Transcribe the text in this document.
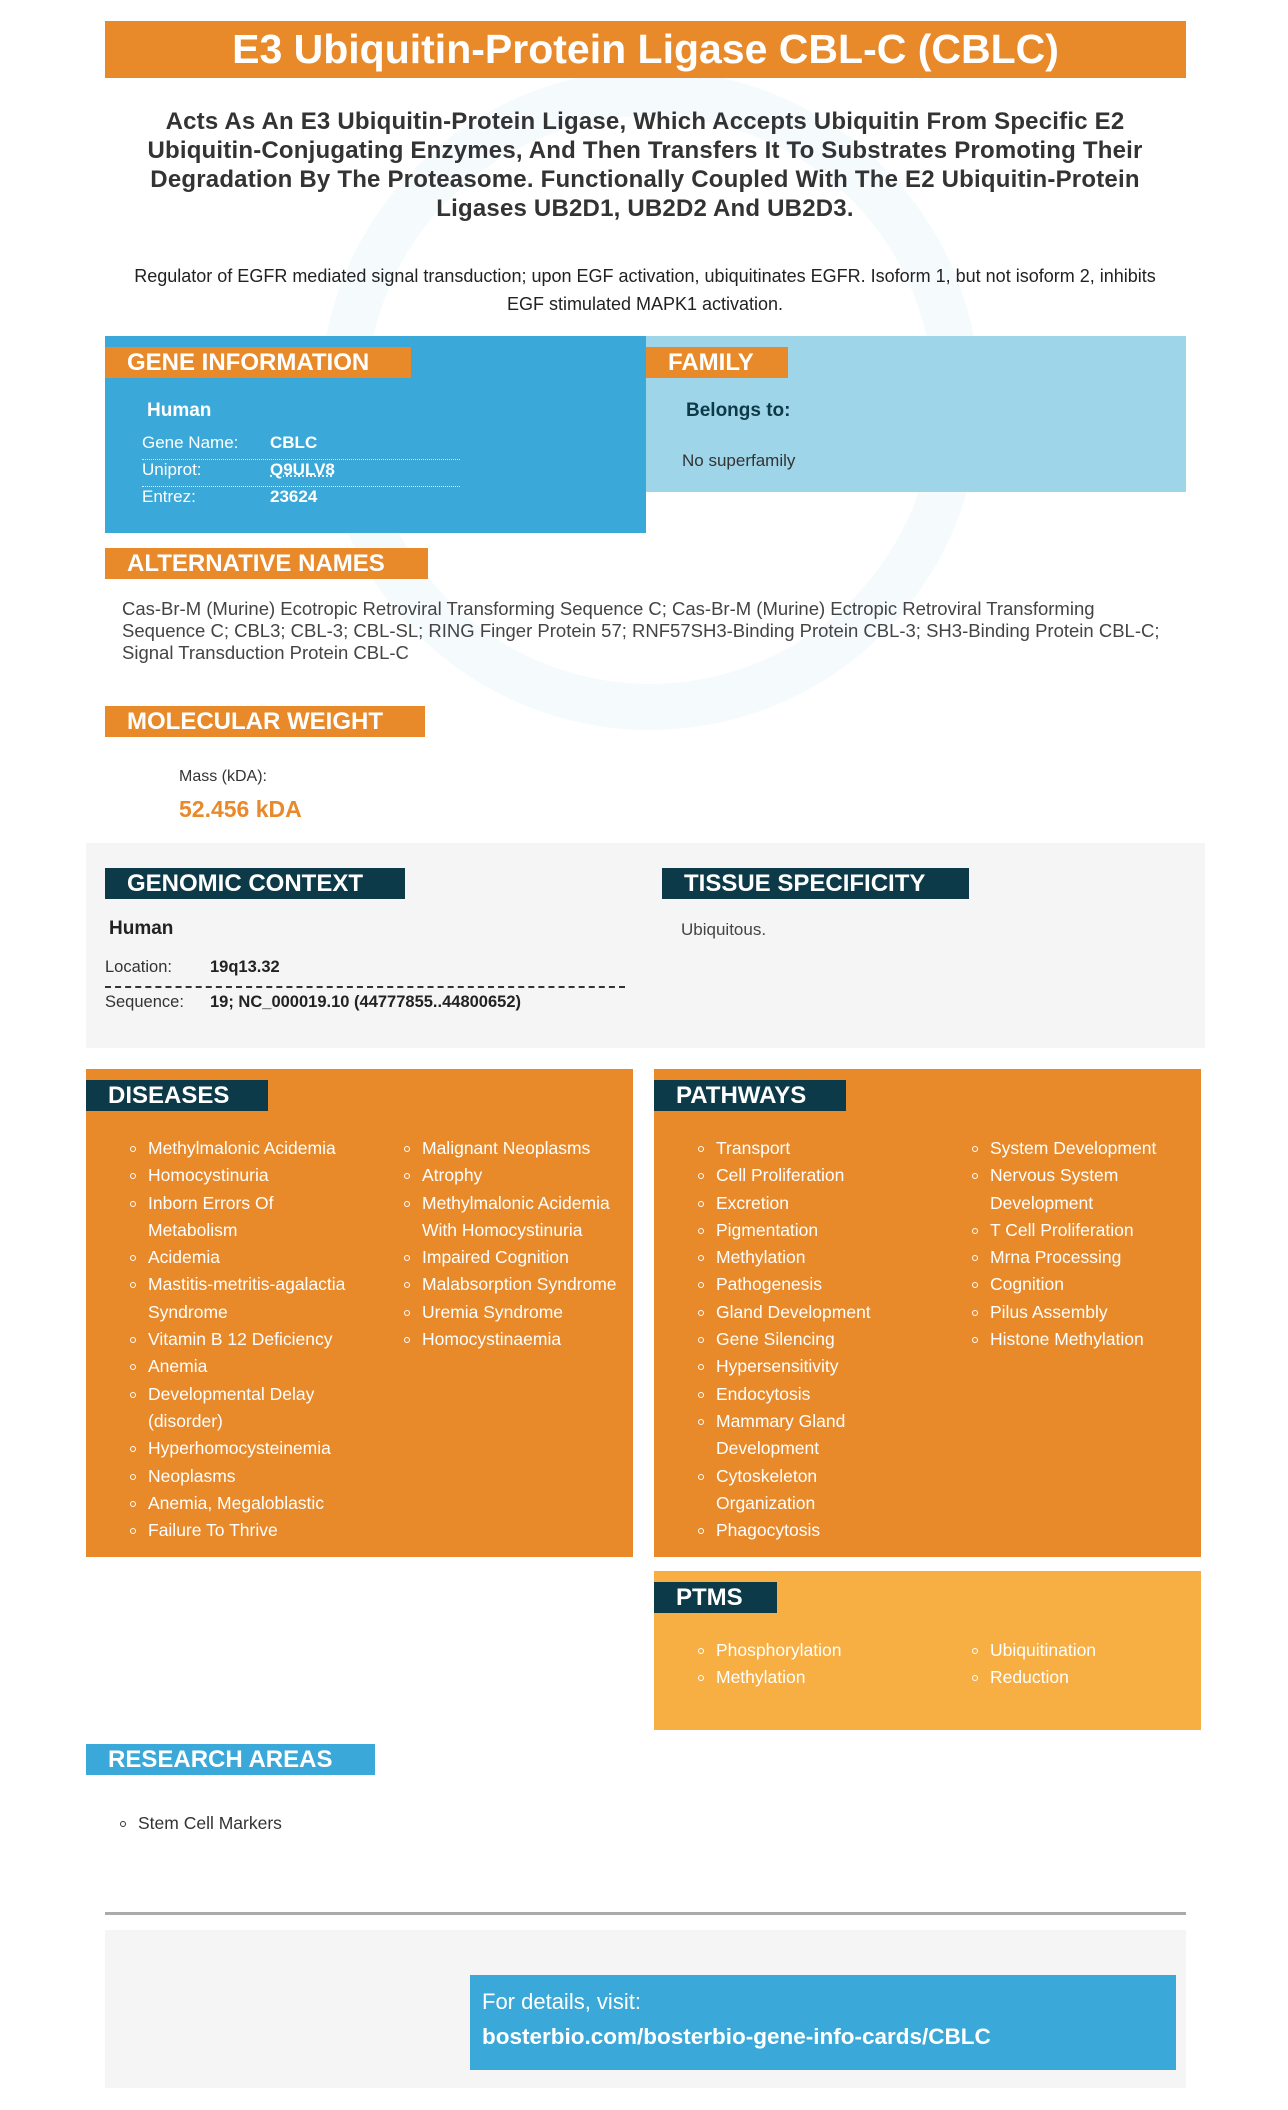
E3 Ubiquitin-Protein Ligase CBL-C (CBLC)
Acts As An E3 Ubiquitin-Protein Ligase, Which Accepts Ubiquitin From Specific E2 Ubiquitin-Conjugating Enzymes, And Then Transfers It To Substrates Promoting Their Degradation By The Proteasome. Functionally Coupled With The E2 Ubiquitin-Protein Ligases UB2D1, UB2D2 And UB2D3.
Regulator of EGFR mediated signal transduction; upon EGF activation, ubiquitinates EGFR. Isoform 1, but not isoform 2, inhibits EGF stimulated MAPK1 activation.
GENE INFORMATION
Human
Gene Name: CBLC
Uniprot:	Q9ULV8
Entrez:	23624
FAMILY
Belongs to:
No superfamily
ALTERNATIVE NAMES
Cas-Br-M (Murine) Ecotropic Retroviral Transforming Sequence C; Cas-Br-M (Murine) Ectropic Retroviral Transforming Sequence C; CBL3; CBL-3; CBL-SL; RING Finger Protein 57; RNF57SH3-Binding Protein CBL-3; SH3-Binding Protein CBL-C; Signal Transduction Protein CBL-C
MOLECULAR WEIGHT
Mass (kDA):
52.456 kDA
GENOMIC CONTEXT
Human
Location: 19q13.32
Sequence: 19; NC_000019.10 (44777855..44800652)
TISSUE SPECIFICITY
Ubiquitous.
DISEASES
Methylmalonic Acidemia
Homocystinuria
Inborn Errors Of Metabolism
Acidemia
Mastitis-metritis-agalactia Syndrome
Vitamin B 12 Deficiency
Anemia
Developmental Delay (disorder)
Hyperhomocysteinemia
Neoplasms
Anemia, Megaloblastic
Failure To Thrive
Malignant Neoplasms
Atrophy
Methylmalonic Acidemia With Homocystinuria
Impaired Cognition
Malabsorption Syndrome
Uremia Syndrome
Homocystinaemia
PATHWAYS
Transport
Cell Proliferation
Excretion
Pigmentation
Methylation
Pathogenesis
Gland Development
Gene Silencing
Hypersensitivity
Endocytosis
Mammary Gland Development
Cytoskeleton Organization
Phagocytosis
System Development
Nervous System Development
T Cell Proliferation
Mrna Processing
Cognition
Pilus Assembly
Histone Methylation
PTMS
Phosphorylation
Methylation
Ubiquitination
Reduction
RESEARCH AREAS
Stem Cell Markers
For details, visit:
bosterbio.com/bosterbio-gene-info-cards/CBLC
